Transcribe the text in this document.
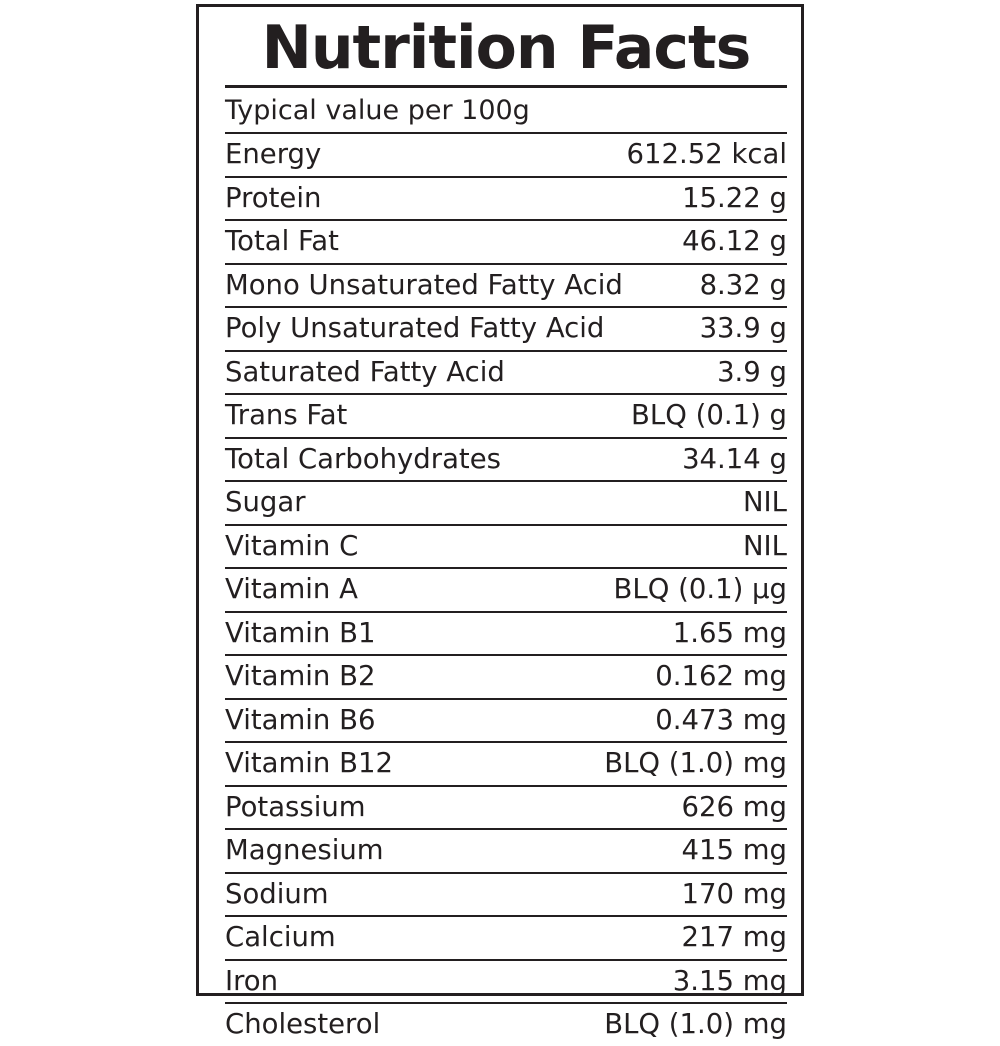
Nutrition Facts
Typical value per 100g
Energy	612.52 kcal
Protein	15.22 g
Total Fat	46.12 g
Mono Unsaturated Fatty Acid	8.32 g
Poly Unsaturated Fatty Acid	33.9 g
Saturated Fatty Acid	3.9 g
Trans Fat	BLQ (0.1) g
Total Carbohydrates	34.14 g
Sugar	NIL
Vitamin C	NIL
Vitamin A	BLQ (0.1) µg
Vitamin B1	1.65 mg
Vitamin B2	0.162 mg
Vitamin B6	0.473 mg
Vitamin B12	BLQ (1.0) mg
Potassium	626 mg
Magnesium	415 mg
Sodium	170 mg
Calcium	217 mg
Iron	3.15 mg
Cholesterol	BLQ (1.0) mg
